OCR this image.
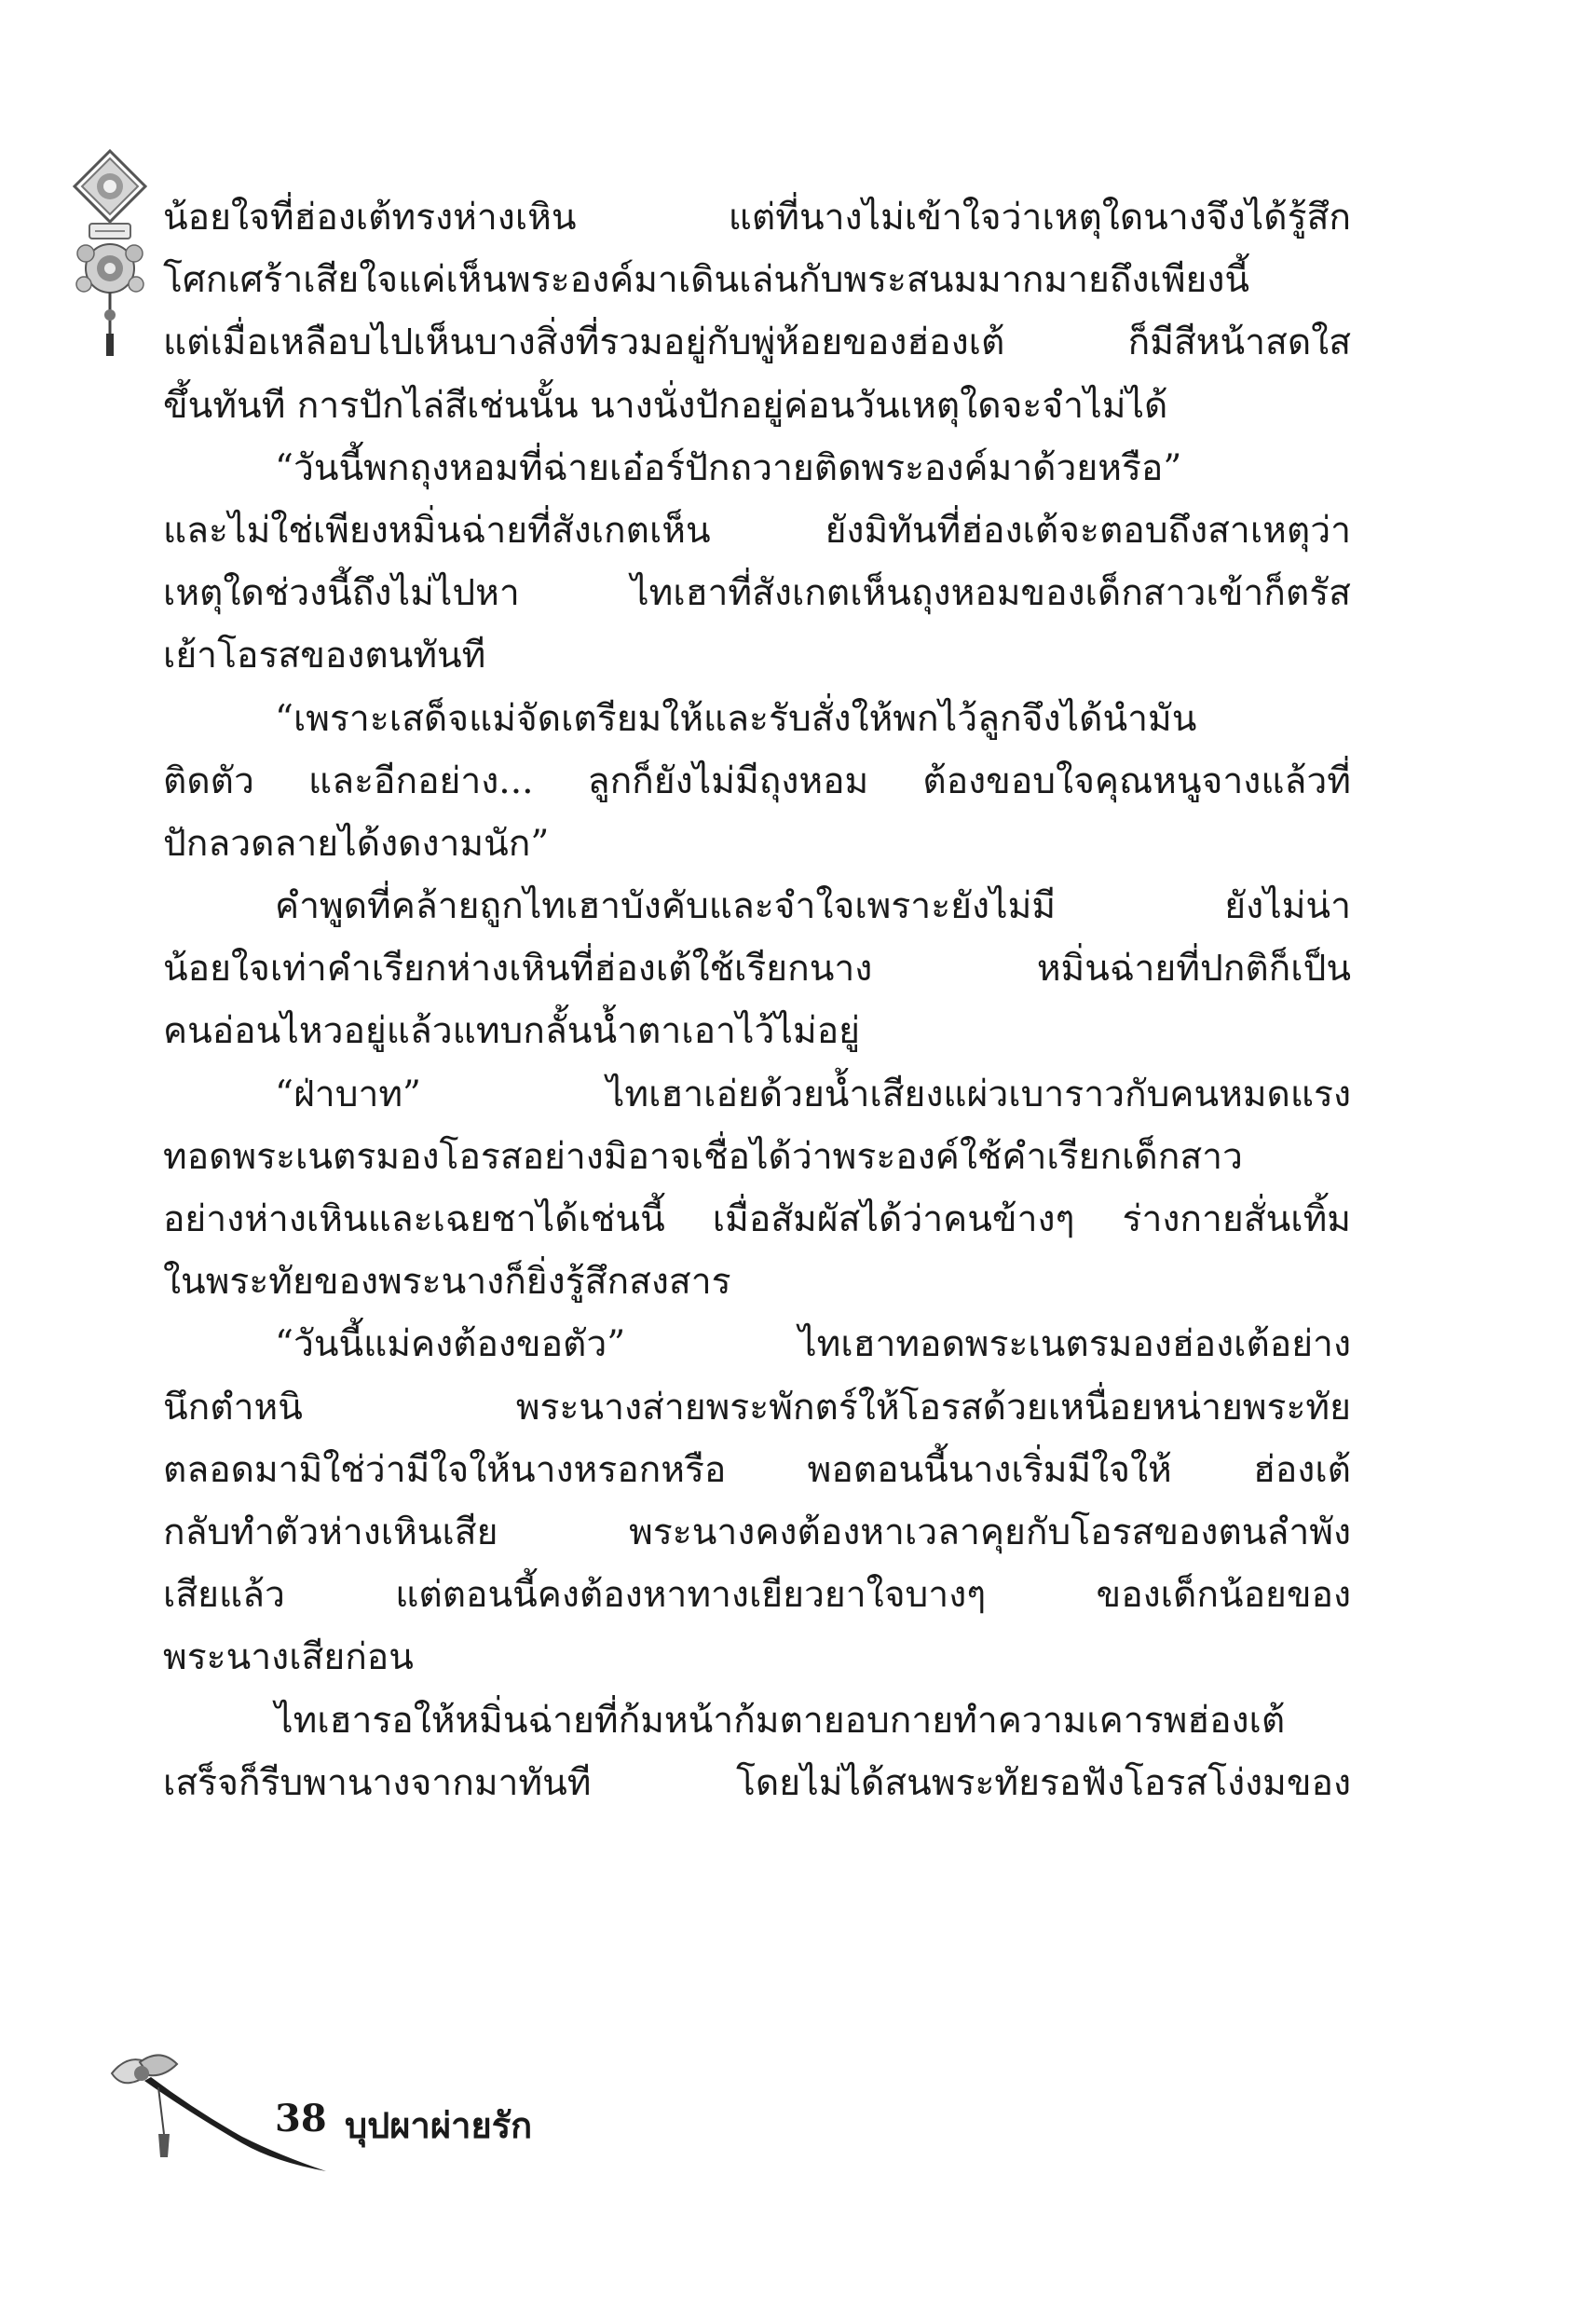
น้อยใจที่ฮ่องเต้ทรงห่างเหิน แต่ที่นางไม่เข้าใจว่าเหตุใดนางจึงได้รู้สึก
โศกเศร้าเสียใจแค่เห็นพระองค์มาเดินเล่นกับพระสนมมากมายถึงเพียงนี้
แต่เมื่อเหลือบไปเห็นบางสิ่งที่รวมอยู่กับพู่ห้อยของฮ่องเต้ ก็มีสีหน้าสดใส
ขึ้นทันที การปักไล่สีเช่นนั้น นางนั่งปักอยู่ค่อนวันเหตุใดจะจำไม่ได้
“วันนี้พกถุงหอมที่ฉ่ายเอ๋อร์ปักถวายติดพระองค์มาด้วยหรือ”
และไม่ใช่เพียงหมิ่นฉ่ายที่สังเกตเห็น ยังมิทันที่ฮ่องเต้จะตอบถึงสาเหตุว่า
เหตุใดช่วงนี้ถึงไม่ไปหา ไทเฮาที่สังเกตเห็นถุงหอมของเด็กสาวเข้าก็ตรัส
เย้าโอรสของตนทันที
“เพราะเสด็จแม่จัดเตรียมให้และรับสั่งให้พกไว้ลูกจึงได้นำมัน
ติดตัว และอีกอย่าง... ลูกก็ยังไม่มีถุงหอม ต้องขอบใจคุณหนูจางแล้วที่
ปักลวดลายได้งดงามนัก”
คำพูดที่คล้ายถูกไทเฮาบังคับและจำใจเพราะยังไม่มี ยังไม่น่า
น้อยใจเท่าคำเรียกห่างเหินที่ฮ่องเต้ใช้เรียกนาง หมิ่นฉ่ายที่ปกติก็เป็น
คนอ่อนไหวอยู่แล้วแทบกลั้นน้ำตาเอาไว้ไม่อยู่
“ฝ่าบาท” ไทเฮาเอ่ยด้วยน้ำเสียงแผ่วเบาราวกับคนหมดแรง
ทอดพระเนตรมองโอรสอย่างมิอาจเชื่อได้ว่าพระองค์ใช้คำเรียกเด็กสาว
อย่างห่างเหินและเฉยชาได้เช่นนี้ เมื่อสัมผัสได้ว่าคนข้างๆ ร่างกายสั่นเทิ้ม
ในพระทัยของพระนางก็ยิ่งรู้สึกสงสาร
“วันนี้แม่คงต้องขอตัว” ไทเฮาทอดพระเนตรมองฮ่องเต้อย่าง
นึกตำหนิ พระนางส่ายพระพักตร์ให้โอรสด้วยเหนื่อยหน่ายพระทัย
ตลอดมามิใช่ว่ามีใจให้นางหรอกหรือ พอตอนนี้นางเริ่มมีใจให้ ฮ่องเต้
กลับทำตัวห่างเหินเสีย พระนางคงต้องหาเวลาคุยกับโอรสของตนลำพัง
เสียแล้ว แต่ตอนนี้คงต้องหาทางเยียวยาใจบางๆ ของเด็กน้อยของ
พระนางเสียก่อน
ไทเฮารอให้หมิ่นฉ่ายที่ก้มหน้าก้มตายอบกายทำความเคารพฮ่องเต้
เสร็จก็รีบพานางจากมาทันที โดยไม่ได้สนพระทัยรอฟังโอรสโง่งมของ
38 บุปผาผ่ายรัก
